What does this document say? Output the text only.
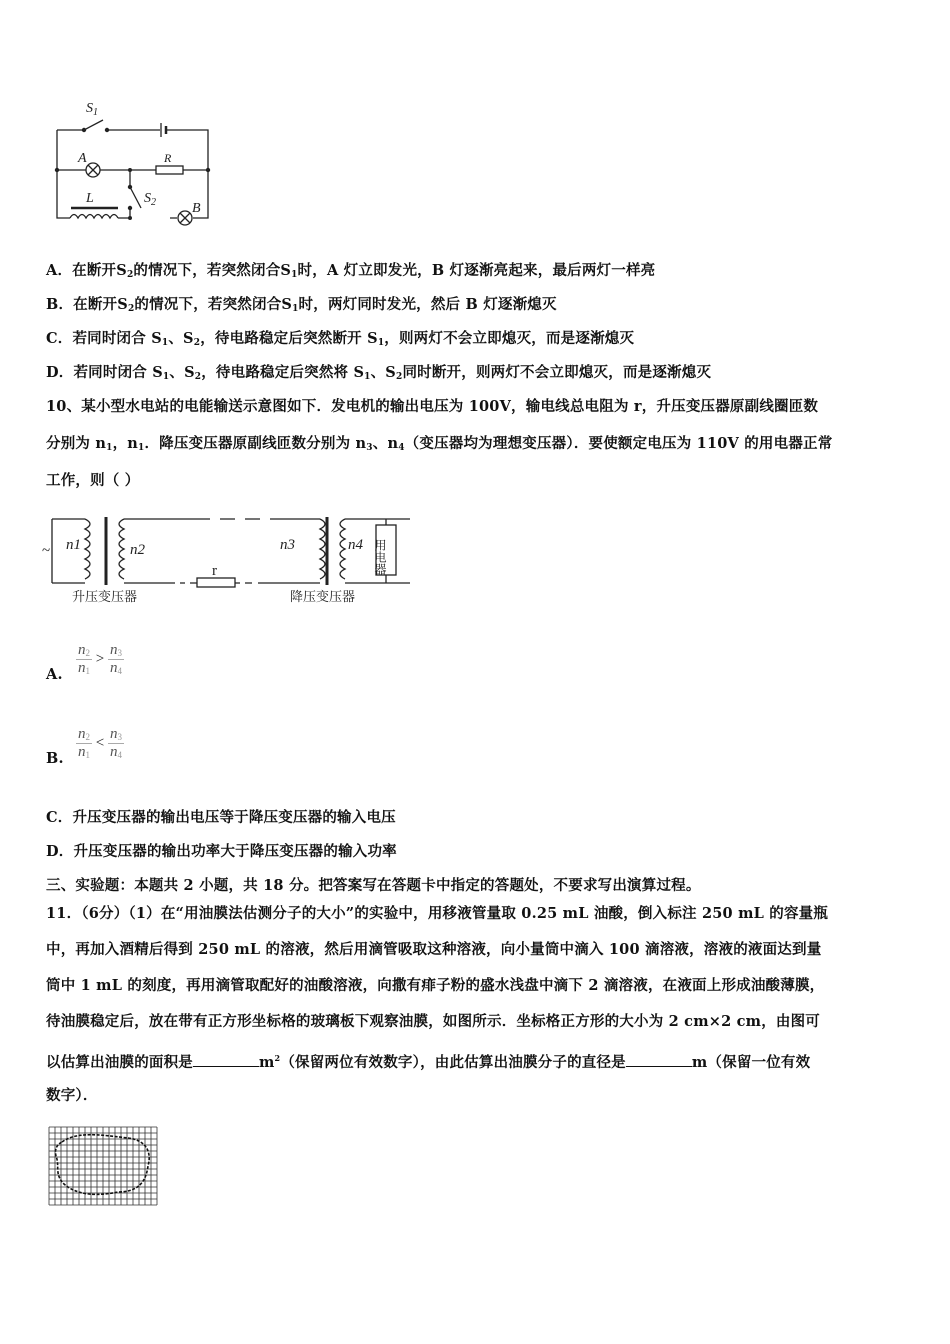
$S_1$
A	R
L	$S_2$	B
A．在断开$S_2$的情况下，若突然闭合$S_1$时，A 灯立即发光，B 灯逐渐亮起来，最后两灯一样亮
B．在断开$S_2$的情况下，若突然闭合$S_1$时，两灯同时发光，然后 B 灯逐渐熄灭
C．若同时闭合 $S_1$、$S_2$，待电路稳定后突然断开 $S_1$，则两灯不会立即熄灭，而是逐渐熄灭
D．若同时闭合 $S_1$、$S_2$，待电路稳定后突然将 $S_1$、$S_2$同时断开，则两灯不会立即熄灭，而是逐渐熄灭
10、某小型水电站的电能输送示意图如下．发电机的输出电压为 100V，输电线总电阻为 r，升压变压器原副线圈匝数
分别为 $n_1$，$n_1$．降压变压器原副线匝数分别为 $n_3$、$n_4$（变压器均为理想变压器）．要使额定电压为 110V 的用电器正常
工作，则（ ）
~ n1	n2	n3	n4
r
升压变压器	降压变压器
用电器
A. $\frac{n_2}{n_1} > \frac{n_3}{n_4}$
B. $\frac{n_2}{n_1} < \frac{n_3}{n_4}$
C．升压变压器的输出电压等于降压变压器的输入电压
D．升压变压器的输出功率大于降压变压器的输入功率
三、实验题：本题共 2 小题，共 18 分。把答案写在答题卡中指定的答题处，不要求写出演算过程。
11．（6分）（1）在“用油膜法估测分子的大小”的实验中，用移液管量取 0.25 mL 油酸，倒入标注 250 mL 的容量瓶
中，再加入酒精后得到 250 mL 的溶液，然后用滴管吸取这种溶液，向小量筒中滴入 100 滴溶液，溶液的液面达到量
筒中 1 mL 的刻度，再用滴管取配好的油酸溶液，向撒有痱子粉的盛水浅盘中滴下 2 滴溶液，在液面上形成油酸薄膜，
待油膜稳定后，放在带有正方形坐标格的玻璃板下观察油膜，如图所示．坐标格正方形的大小为 2 cm×2 cm，由图可
以估算出油膜的面积是	$m^2$（保留两位有效数字），由此估算出油膜分子的直径是	m（保留一位有效
数字）．
